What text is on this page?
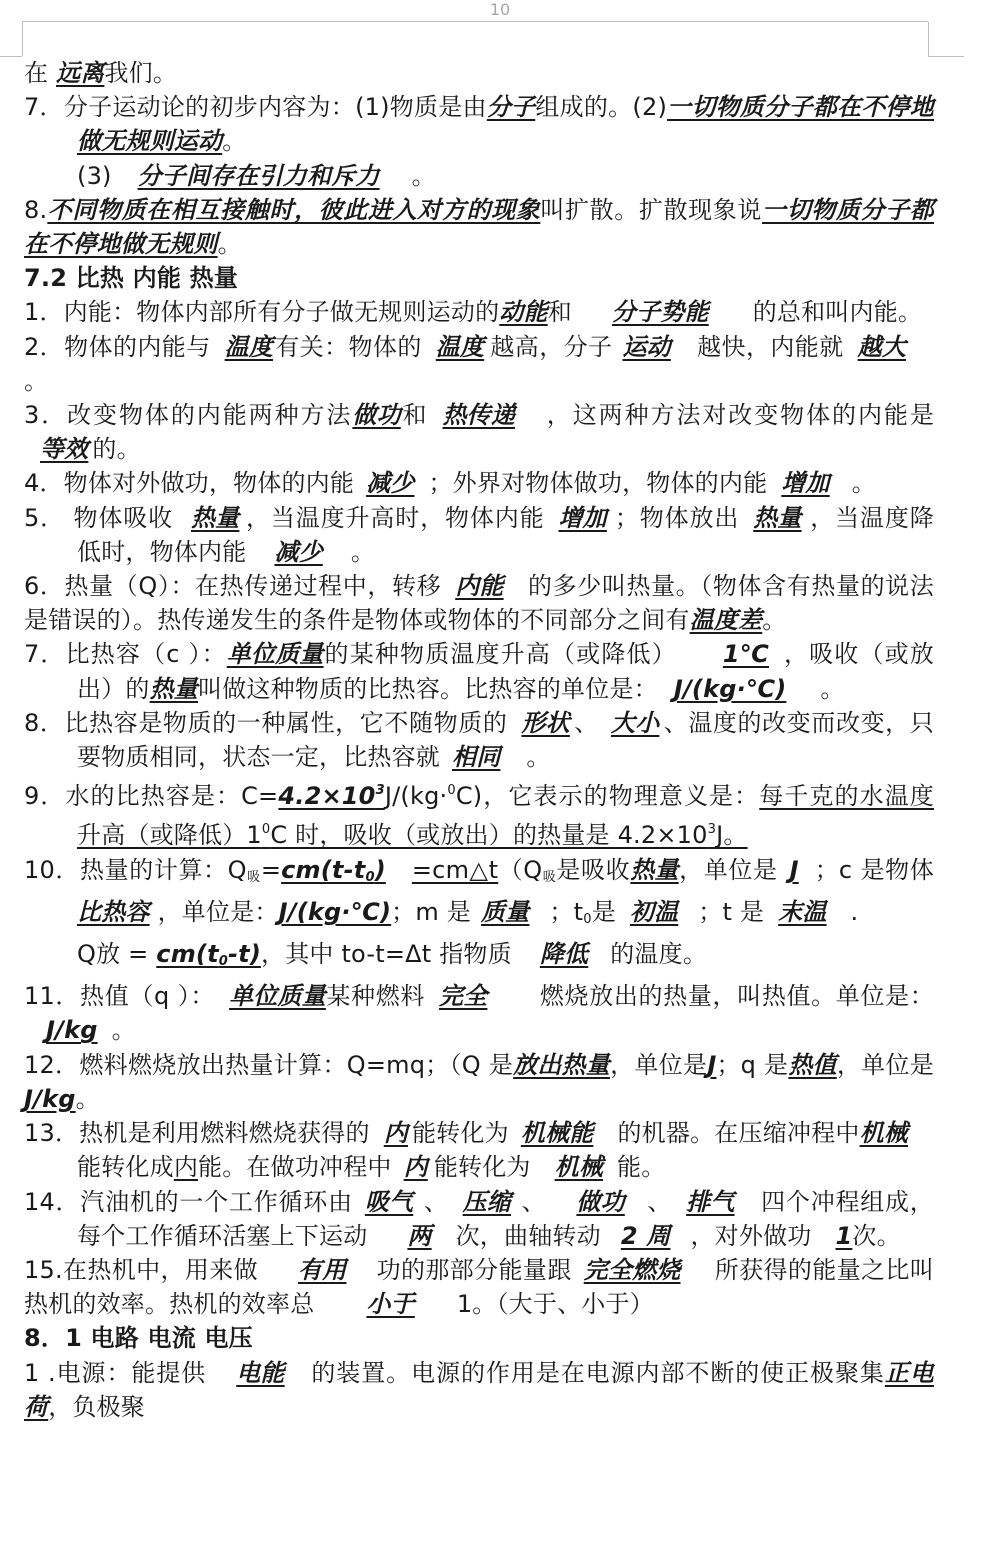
10

在 远离我们。

7．分子运动论的初步内容为：(1)物质是由分子组成的。(2)一切物质分子都在不停地做无规则运动。

(3) 分子间存在引力和斥力 。

8.不同物质在相互接触时，彼此进入对方的现象叫扩散。扩散现象说一切物质分子都在不停地做无规则。

7.2 比热 内能 热量

1．内能：物体内部所有分子做无规则运动的动能和 分子势能 的总和叫内能。

2．物体的内能与 温度有关：物体的 温度 越高，分子 运动 越快，内能就 越大。

3．改变物体的内能两种方法做功和 热传递 ，这两种方法对改变物体的内能是等效 的。

4．物体对外做功，物体的内能 减少 ；外界对物体做功，物体的内能 增加 。

5． 物体吸收 热量 ，当温度升高时，物体内能 增加 ；物体放出 热量 ，当温度降低时，物体内能 减少 。

6．热量（Q）：在热传递过程中，转移 内能 的多少叫热量。（物体含有热量的说法是错误的）。热传递发生的条件是物体或物体的不同部分之间有温度差。

7．比热容（c ）：单位质量的某种物质温度升高（或降低） 1℃ ，吸收（或放出）的热量叫做这种物质的比热容。比热容的单位是： J/(kg·℃) 。

8．比热容是物质的一种属性，它不随物质的 形状 、 大小 、温度的改变而改变，只要物质相同，状态一定，比热容就 相同 。

9．水的比热容是：$C=4.2\times 10^3J/(kg\cdot^0C)$，它表示的物理意义是：每千克的水温度升高（或降低）$1^0C$ 时，吸收（或放出）的热量是 $4.2\times 10^3J$。

10．热量的计算：$Q_吸=cm(t-t_0)$ $=cm\triangle t(Q_吸$是吸收热量，单位是 J ；c 是物体比热容 ，单位是：J/(kg·℃)；m 是 质量 ；$t_0$是 初温 ；t 是 末温 .

Q放 = $cm(t_0-t)$，其中 to-t=Δt 指物质 降低 的温度。

11．热值（q ）： 单位质量某种燃料 完全 燃烧放出的热量，叫热值。单位是：J/kg 。

12．燃料燃烧放出热量计算：Q=mq；（Q 是放出热量，单位是J；q 是热值，单位是J/kg。

13．热机是利用燃料燃烧获得的 内 能转化为 机械能 的机器。在压缩冲程中机械能转化成内能。在做功冲程中 内 能转化为 机械 能。

14．汽油机的一个工作循环由 吸气 、 压缩 、 做功 、 排气 四个冲程组成，每个工作循环活塞上下运动 两 次，曲轴转动 2 周 ，对外做功 1次。

15.在热机中，用来做 有用 功的那部分能量跟 完全燃烧 所获得的能量之比叫热机的效率。热机的效率总 小于 1。（大于、小于）

8．1 电路 电流 电压

1 .电源：能提供 电能 的装置。电源的作用是在电源内部不断的使正极聚集正电荷，负极聚
